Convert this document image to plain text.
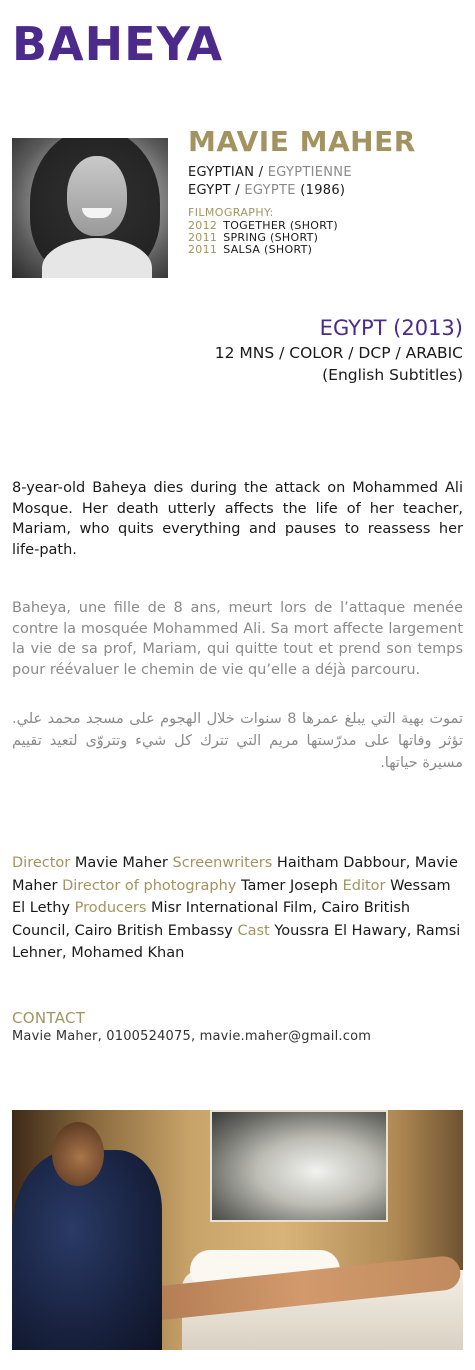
BAHEYA
MAVIE MAHER
EGYPTIAN / EGYPTIENNE
EGYPT / EGYPTE (1986)
FILMOGRAPHY:
2012 TOGETHER (SHORT)
2011 SPRING (SHORT)
2011 SALSA (SHORT)
EGYPT (2013)
12 MNS / COLOR / DCP / ARABIC
(English Subtitles)

8-year-old Baheya dies during the attack on Mohammed Ali Mosque. Her death utterly affects the life of her teacher, Mariam, who quits everything and pauses to reassess her life-path.

Baheya, une fille de 8 ans, meurt lors de l’attaque menée contre la mosquée Mohammed Ali. Sa mort affecte largement la vie de sa prof, Mariam, qui quitte tout et prend son temps pour réévaluer le chemin de vie qu’elle a déjà parcouru.

تموت بهية التي يبلغ عمرها 8 سنوات خلال الهجوم على مسجد محمد علي. تؤثر وفاتها على مدرّستها مريم التي تترك كل شيء وتتروّى لتعيد تقييم مسيرة حياتها.

Director Mavie Maher Screenwriters Haitham Dabbour, Mavie Maher Director of photography Tamer Joseph Editor Wessam El Lethy Producers Misr International Film, Cairo British Council, Cairo British Embassy Cast Youssra El Hawary, Ramsi Lehner, Mohamed Khan

CONTACT
Mavie Maher, 0100524075, mavie.maher@gmail.com
